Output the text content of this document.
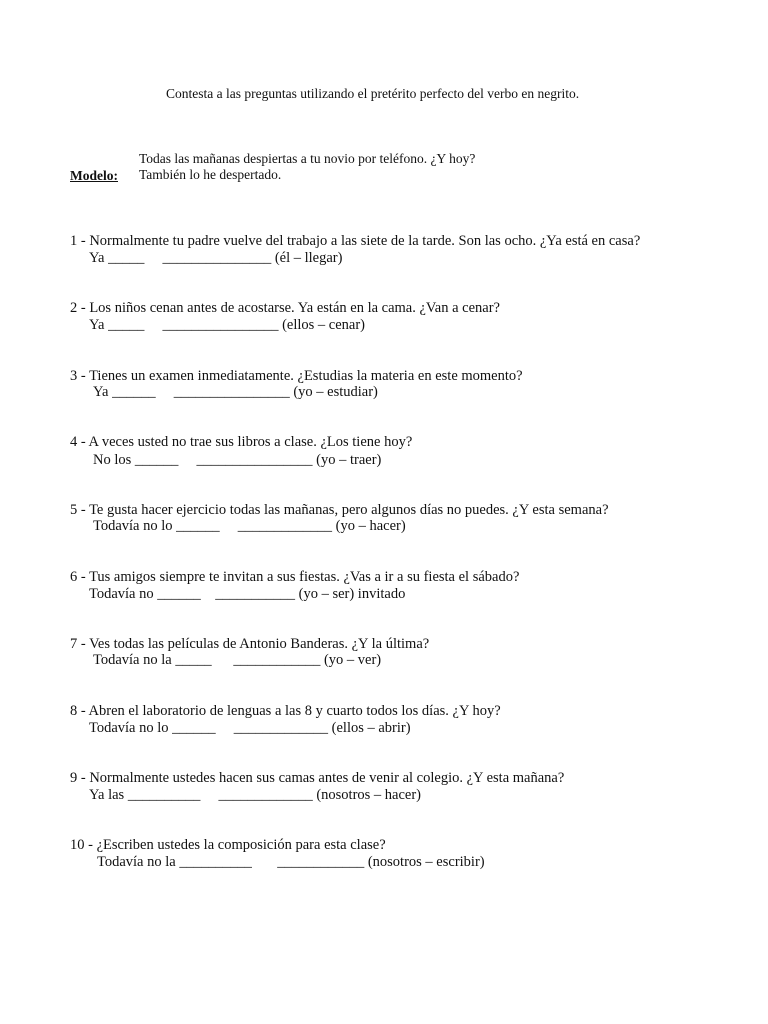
Contesta a las preguntas utilizando el pretérito perfecto del verbo en negrito.
Todas las mañanas despiertas a tu novio por teléfono. ¿Y hoy?
Modelo: También lo he despertado.
1 - Normalmente tu padre vuelve del trabajo a las siete de la tarde. Son las ocho. ¿Ya está en casa?
Ya _____     _______________ (él – llegar)
2 - Los niños cenan antes de acostarse. Ya están en la cama. ¿Van a cenar?
Ya _____     ________________ (ellos – cenar)
3 - Tienes un examen inmediatamente. ¿Estudias la materia en este momento?
Ya ______     ________________ (yo – estudiar)
4 - A veces usted no trae sus libros a clase. ¿Los tiene hoy?
No los ______     ________________ (yo – traer)
5 - Te gusta hacer ejercicio todas las mañanas, pero algunos días no puedes. ¿Y esta semana?
Todavía no lo ______     _____________ (yo – hacer)
6 - Tus amigos siempre te invitan a sus fiestas. ¿Vas a ir a su fiesta el sábado?
Todavía no ______    ___________ (yo – ser) invitado
7 - Ves todas las películas de Antonio Banderas. ¿Y la última?
Todavía no la _____      ____________ (yo – ver)
8 - Abren el laboratorio de lenguas a las 8 y cuarto todos los días. ¿Y hoy?
Todavía no lo ______     _____________ (ellos – abrir)
9 - Normalmente ustedes hacen sus camas antes de venir al colegio. ¿Y esta mañana?
Ya las __________     _____________ (nosotros – hacer)
10 - ¿Escriben ustedes la composición para esta clase?
Todavía no la __________       ____________ (nosotros – escribir)
